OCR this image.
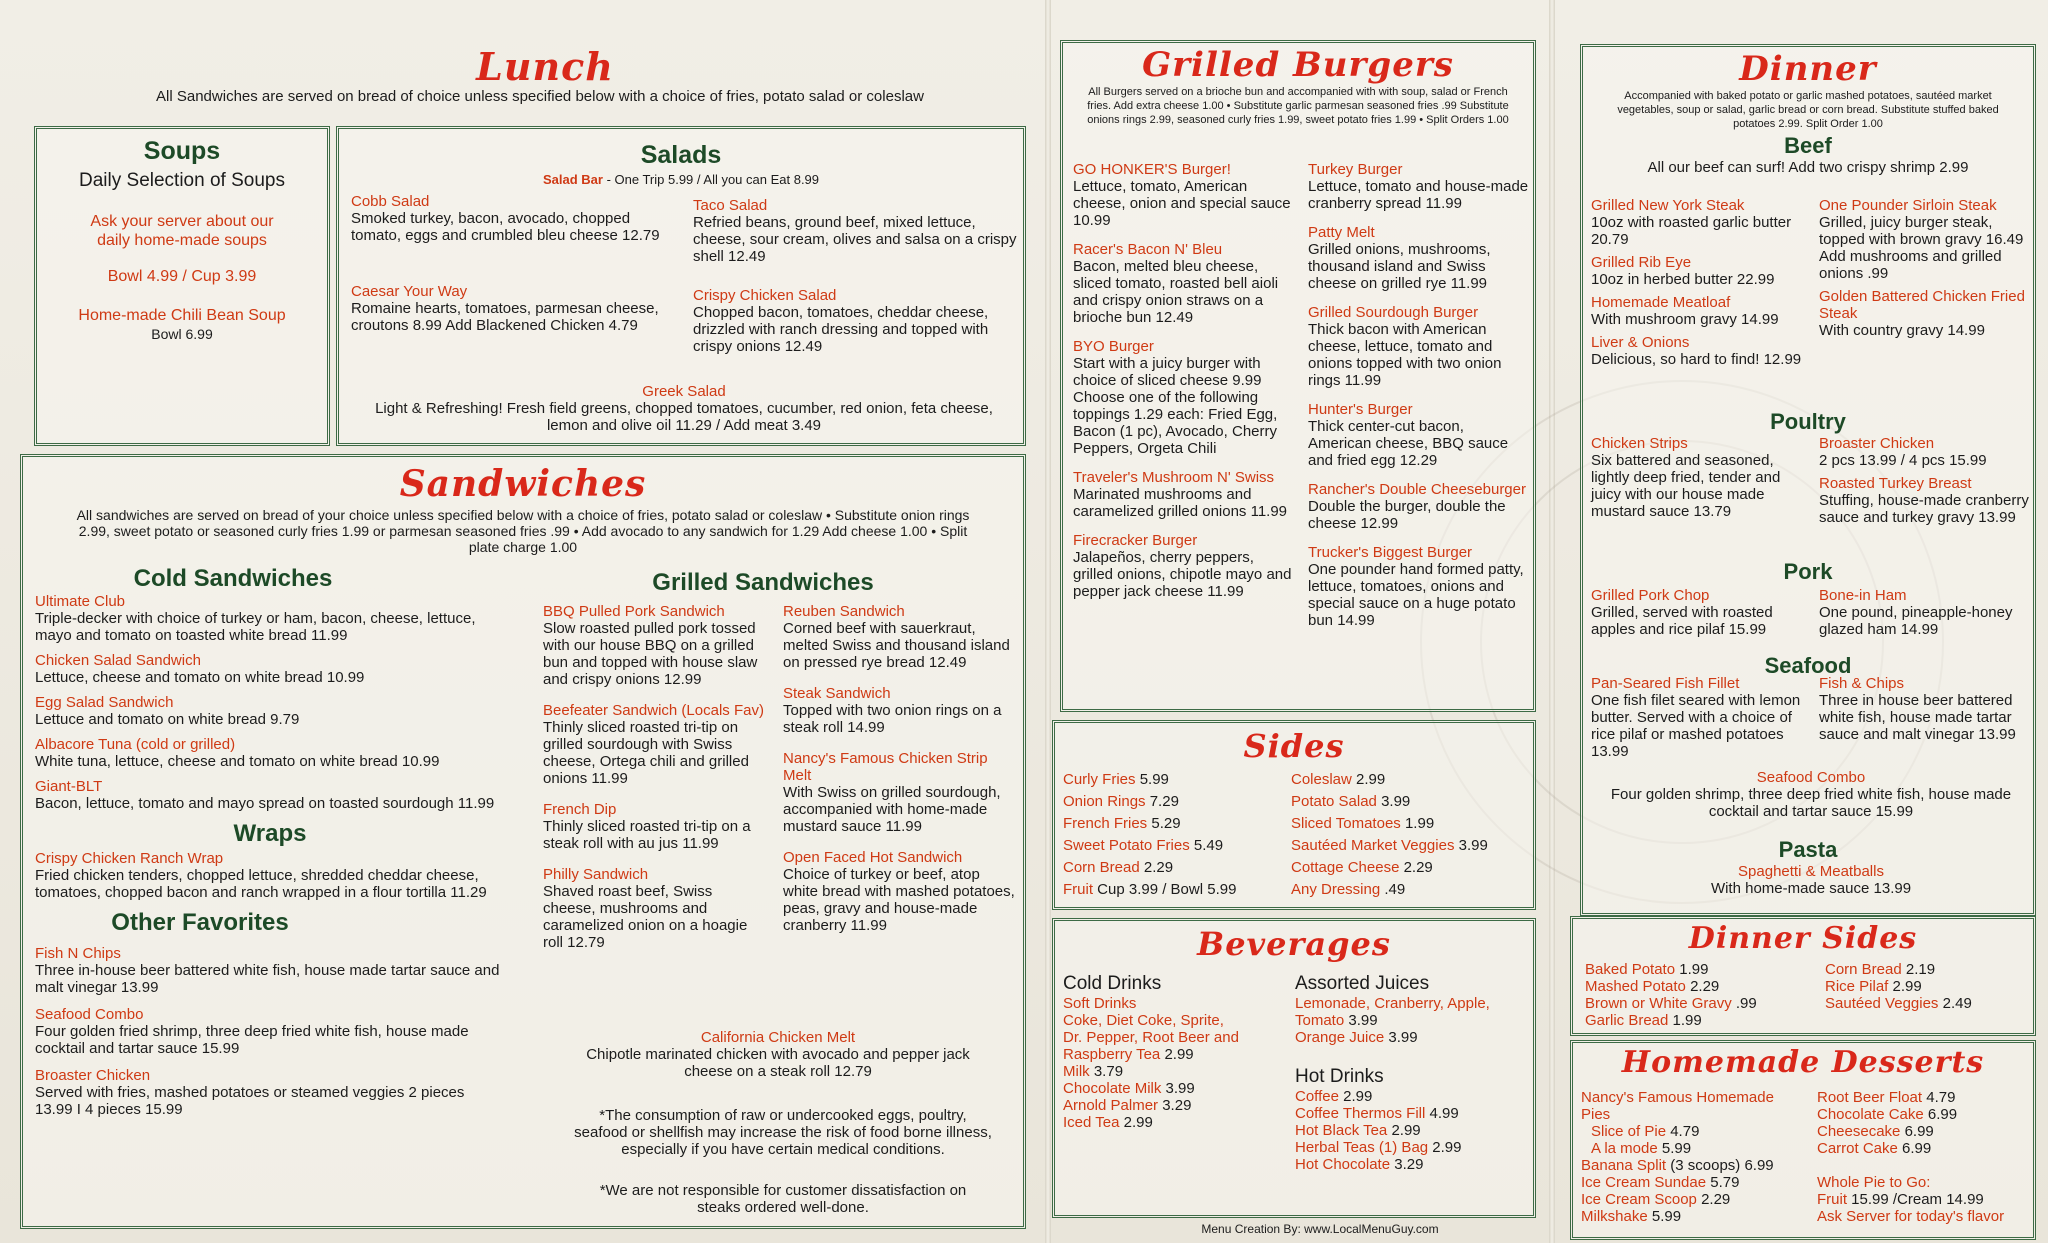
Lunch
All Sandwiches are served on bread of choice unless specified below with a choice of fries, potato salad or coleslaw
Soups
Daily Selection of Soups
Ask your server about our daily home-made soups
Bowl 4.99 / Cup 3.99
Home-made Chili Bean Soup
Bowl 6.99
Salads
Salad Bar - One Trip 5.99 / All you can Eat 8.99
Cobb Salad
Smoked turkey, bacon, avocado, chopped tomato, eggs and crumbled bleu cheese 12.79
Caesar Your Way
Romaine hearts, tomatoes, parmesan cheese, croutons 8.99 Add Blackened Chicken 4.79
Taco Salad
Refried beans, ground beef, mixed lettuce, cheese, sour cream, olives and salsa on a crispy shell 12.49
Crispy Chicken Salad
Chopped bacon, tomatoes, cheddar cheese, drizzled with ranch dressing and topped with crispy onions 12.49
Greek Salad
Light & Refreshing! Fresh field greens, chopped tomatoes, cucumber, red onion, feta cheese, lemon and olive oil 11.29 / Add meat 3.49
Sandwiches
All sandwiches are served on bread of your choice unless specified below with a choice of fries, potato salad or coleslaw • Substitute onion rings 2.99, sweet potato or seasoned curly fries 1.99 or parmesan seasoned fries .99 • Add avocado to any sandwich for 1.29 Add cheese 1.00 • Split plate charge 1.00
Cold Sandwiches
Ultimate Club
Triple-decker with choice of turkey or ham, bacon, cheese, lettuce, mayo and tomato on toasted white bread 11.99
Chicken Salad Sandwich
Lettuce, cheese and tomato on white bread 10.99
Egg Salad Sandwich
Lettuce and tomato on white bread 9.79
Albacore Tuna (cold or grilled)
White tuna, lettuce, cheese and tomato on white bread 10.99
Giant-BLT
Bacon, lettuce, tomato and mayo spread on toasted sourdough 11.99
Wraps
Crispy Chicken Ranch Wrap
Fried chicken tenders, chopped lettuce, shredded cheddar cheese, tomatoes, chopped bacon and ranch wrapped in a flour tortilla 11.29
Other Favorites
Fish N Chips
Three in-house beer battered white fish, house made tartar sauce and malt vinegar 13.99
Seafood Combo
Four golden fried shrimp, three deep fried white fish, house made cocktail and tartar sauce 15.99
Broaster Chicken
Served with fries, mashed potatoes or steamed veggies 2 pieces 13.99 I 4 pieces 15.99
Grilled Sandwiches
BBQ Pulled Pork Sandwich
Slow roasted pulled pork tossed with our house BBQ on a grilled bun and topped with house slaw and crispy onions 12.99
Beefeater Sandwich (Locals Fav)
Thinly sliced roasted tri-tip on grilled sourdough with Swiss cheese, Ortega chili and grilled onions 11.99
French Dip
Thinly sliced roasted tri-tip on a steak roll with au jus 11.99
Philly Sandwich
Shaved roast beef, Swiss cheese, mushrooms and caramelized onion on a hoagie roll 12.79
Reuben Sandwich
Corned beef with sauerkraut, melted Swiss and thousand island on pressed rye bread 12.49
Steak Sandwich
Topped with two onion rings on a steak roll 14.99
Nancy's Famous Chicken Strip Melt
With Swiss on grilled sourdough, accompanied with home-made mustard sauce 11.99
Open Faced Hot Sandwich
Choice of turkey or beef, atop white bread with mashed potatoes, peas, gravy and house-made cranberry 11.99
California Chicken Melt
Chipotle marinated chicken with avocado and pepper jack cheese on a steak roll 12.79
*The consumption of raw or undercooked eggs, poultry, seafood or shellfish may increase the risk of food borne illness, especially if you have certain medical conditions.
*We are not responsible for customer dissatisfaction on steaks ordered well-done.
Grilled Burgers
All Burgers served on a brioche bun and accompanied with with soup, salad or French fries. Add extra cheese 1.00 • Substitute garlic parmesan seasoned fries .99 Substitute onions rings 2.99, seasoned curly fries 1.99, sweet potato fries 1.99 • Split Orders 1.00
GO HONKER'S Burger!
Lettuce, tomato, American cheese, onion and special sauce 10.99
Racer's Bacon N' Bleu
Bacon, melted bleu cheese, sliced tomato, roasted bell aioli and crispy onion straws on a brioche bun 12.49
BYO Burger
Start with a juicy burger with choice of sliced cheese 9.99 Choose one of the following toppings 1.29 each: Fried Egg, Bacon (1 pc), Avocado, Cherry Peppers, Orgeta Chili
Traveler's Mushroom N' Swiss
Marinated mushrooms and caramelized grilled onions 11.99
Firecracker Burger
Jalapeños, cherry peppers, grilled onions, chipotle mayo and pepper jack cheese 11.99
Turkey Burger
Lettuce, tomato and house-made cranberry spread 11.99
Patty Melt
Grilled onions, mushrooms, thousand island and Swiss cheese on grilled rye 11.99
Grilled Sourdough Burger
Thick bacon with American cheese, lettuce, tomato and onions topped with two onion rings 11.99
Hunter's Burger
Thick center-cut bacon, American cheese, BBQ sauce and fried egg 12.29
Rancher's Double Cheeseburger
Double the burger, double the cheese 12.99
Trucker's Biggest Burger
One pounder hand formed patty, lettuce, tomatoes, onions and special sauce on a huge potato bun 14.99
Sides
Curly Fries 5.99
Onion Rings 7.29
French Fries 5.29
Sweet Potato Fries 5.49
Corn Bread 2.29
Fruit Cup 3.99 / Bowl 5.99
Coleslaw 2.99
Potato Salad 3.99
Sliced Tomatoes 1.99
Sautéed Market Veggies 3.99
Cottage Cheese 2.29
Any Dressing .49
Beverages
Cold Drinks
Soft Drinks
Coke, Diet Coke, Sprite,
Dr. Pepper, Root Beer and
Raspberry Tea 2.99
Milk 3.79
Chocolate Milk 3.99
Arnold Palmer 3.29
Iced Tea 2.99
Assorted Juices
Lemonade, Cranberry, Apple,
Tomato 3.99
Orange Juice 3.99
Hot Drinks
Coffee 2.99
Coffee Thermos Fill 4.99
Hot Black Tea 2.99
Herbal Teas (1) Bag 2.99
Hot Chocolate 3.29
Menu Creation By: www.LocalMenuGuy.com
Dinner
Accompanied with baked potato or garlic mashed potatoes, sautéed market vegetables, soup or salad, garlic bread or corn bread. Substitute stuffed baked potatoes 2.99. Split Order 1.00
Beef
All our beef can surf! Add two crispy shrimp 2.99
Grilled New York Steak
10oz with roasted garlic butter 20.79
Grilled Rib Eye
10oz in herbed butter 22.99
Homemade Meatloaf
With mushroom gravy 14.99
Liver & Onions
Delicious, so hard to find! 12.99
One Pounder Sirloin Steak
Grilled, juicy burger steak, topped with brown gravy 16.49 Add mushrooms and grilled onions .99
Golden Battered Chicken Fried Steak
With country gravy 14.99
Poultry
Chicken Strips
Six battered and seasoned, lightly deep fried, tender and juicy with our house made mustard sauce 13.79
Broaster Chicken
2 pcs 13.99 / 4 pcs 15.99
Roasted Turkey Breast
Stuffing, house-made cranberry sauce and turkey gravy 13.99
Pork
Grilled Pork Chop
Grilled, served with roasted apples and rice pilaf 15.99
Bone-in Ham
One pound, pineapple-honey glazed ham 14.99
Seafood
Pan-Seared Fish Fillet
One fish filet seared with lemon butter. Served with a choice of rice pilaf or mashed potatoes 13.99
Fish & Chips
Three in house beer battered white fish, house made tartar sauce and malt vinegar 13.99
Seafood Combo
Four golden shrimp, three deep fried white fish, house made cocktail and tartar sauce 15.99
Pasta
Spaghetti & Meatballs
With home-made sauce 13.99
Dinner Sides
Baked Potato 1.99
Mashed Potato 2.29
Brown or White Gravy .99
Garlic Bread 1.99
Corn Bread 2.19
Rice Pilaf 2.99
Sautéed Veggies 2.49
Homemade Desserts
Nancy's Famous Homemade
Pies
Slice of Pie 4.79
A la mode 5.99
Banana Split (3 scoops) 6.99
Ice Cream Sundae 5.79
Ice Cream Scoop 2.29
Milkshake 5.99
Root Beer Float 4.79
Chocolate Cake 6.99
Cheesecake 6.99
Carrot Cake 6.99
Whole Pie to Go:
Fruit 15.99 /Cream 14.99
Ask Server for today's flavor
